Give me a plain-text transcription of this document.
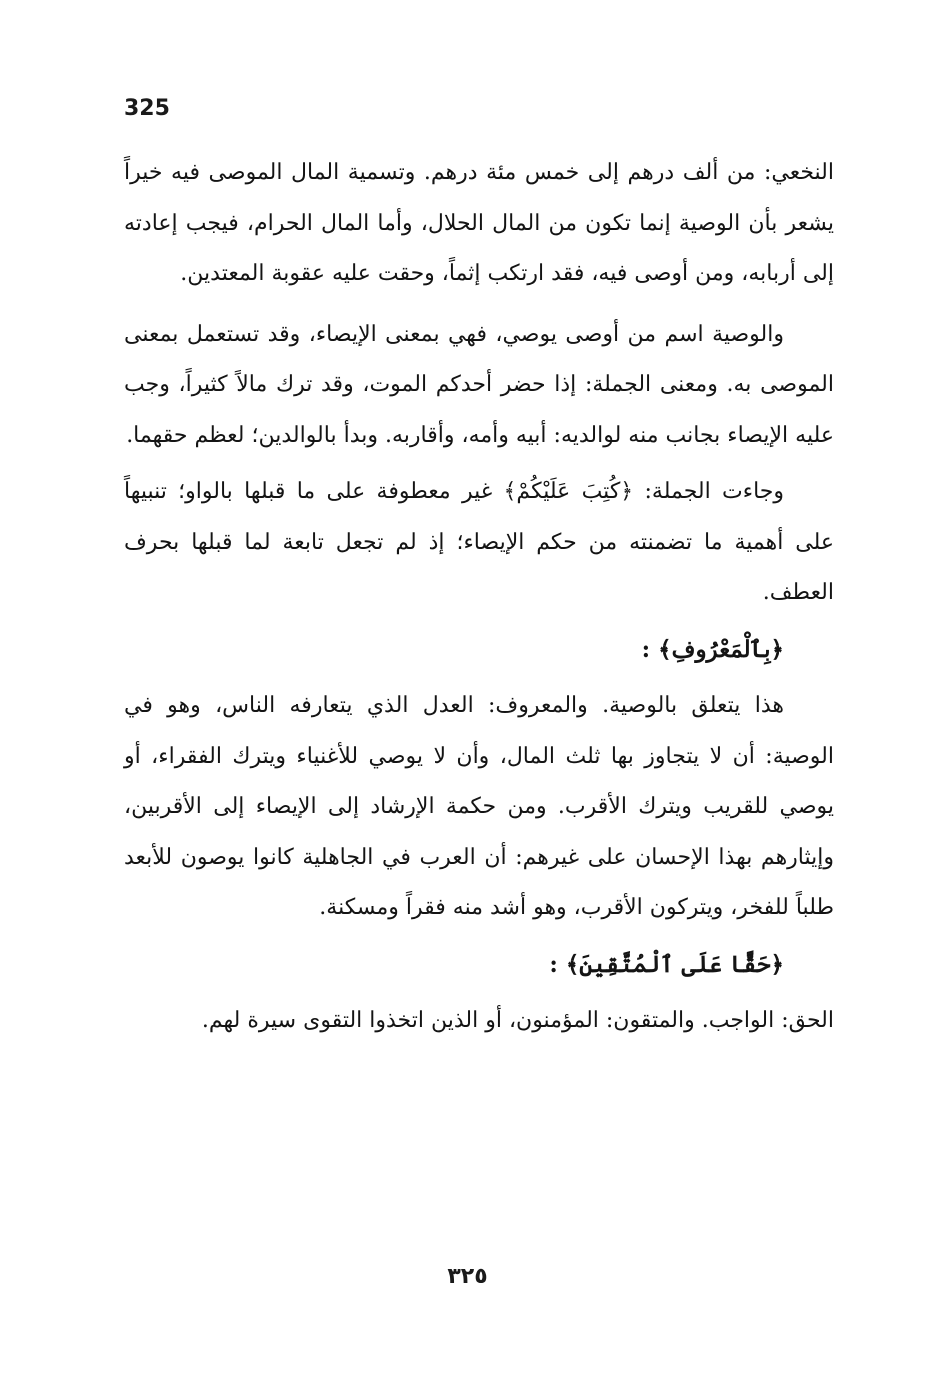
325

النخعي: من ألف درهم إلى خمس مئة درهم. وتسمية المال الموصى فيه خيراً يشعر بأن الوصية إنما تكون من المال الحلال، وأما المال الحرام، فيجب إعادته إلى أربابه، ومن أوصى فيه، فقد ارتكب إثماً، وحقت عليه عقوبة المعتدين.

والوصية اسم من أوصى يوصي، فهي بمعنى الإيصاء، وقد تستعمل بمعنى الموصى به. ومعنى الجملة: إذا حضر أحدكم الموت، وقد ترك مالاً كثيراً، وجب عليه الإيصاء بجانب منه لوالديه: أبيه وأمه، وأقاربه. وبدأ بالوالدين؛ لعظم حقهما.

وجاءت الجملة: ﴿كُتِبَ عَلَيْكُمْ﴾ غير معطوفة على ما قبلها بالواو؛ تنبيهاً على أهمية ما تضمنته من حكم الإيصاء؛ إذ لم تجعل تابعة لما قبلها بحرف العطف.

﴿بِٱلْمَعْرُوفِ﴾ :

هذا يتعلق بالوصية. والمعروف: العدل الذي يتعارفه الناس، وهو في الوصية: أن لا يتجاوز بها ثلث المال، وأن لا يوصي للأغنياء ويترك الفقراء، أو يوصي للقريب ويترك الأقرب. ومن حكمة الإرشاد إلى الإيصاء إلى الأقربين، وإيثارهم بهذا الإحسان على غيرهم: أن العرب في الجاهلية كانوا يوصون للأبعد طلباً للفخر، ويتركون الأقرب، وهو أشد منه فقراً ومسكنة.

﴿حَقًّا عَلَى ٱلْمُتَّقِينَ﴾ :

الحق: الواجب. والمتقون: المؤمنون، أو الذين اتخذوا التقوى سيرة لهم.

٣٢٥
